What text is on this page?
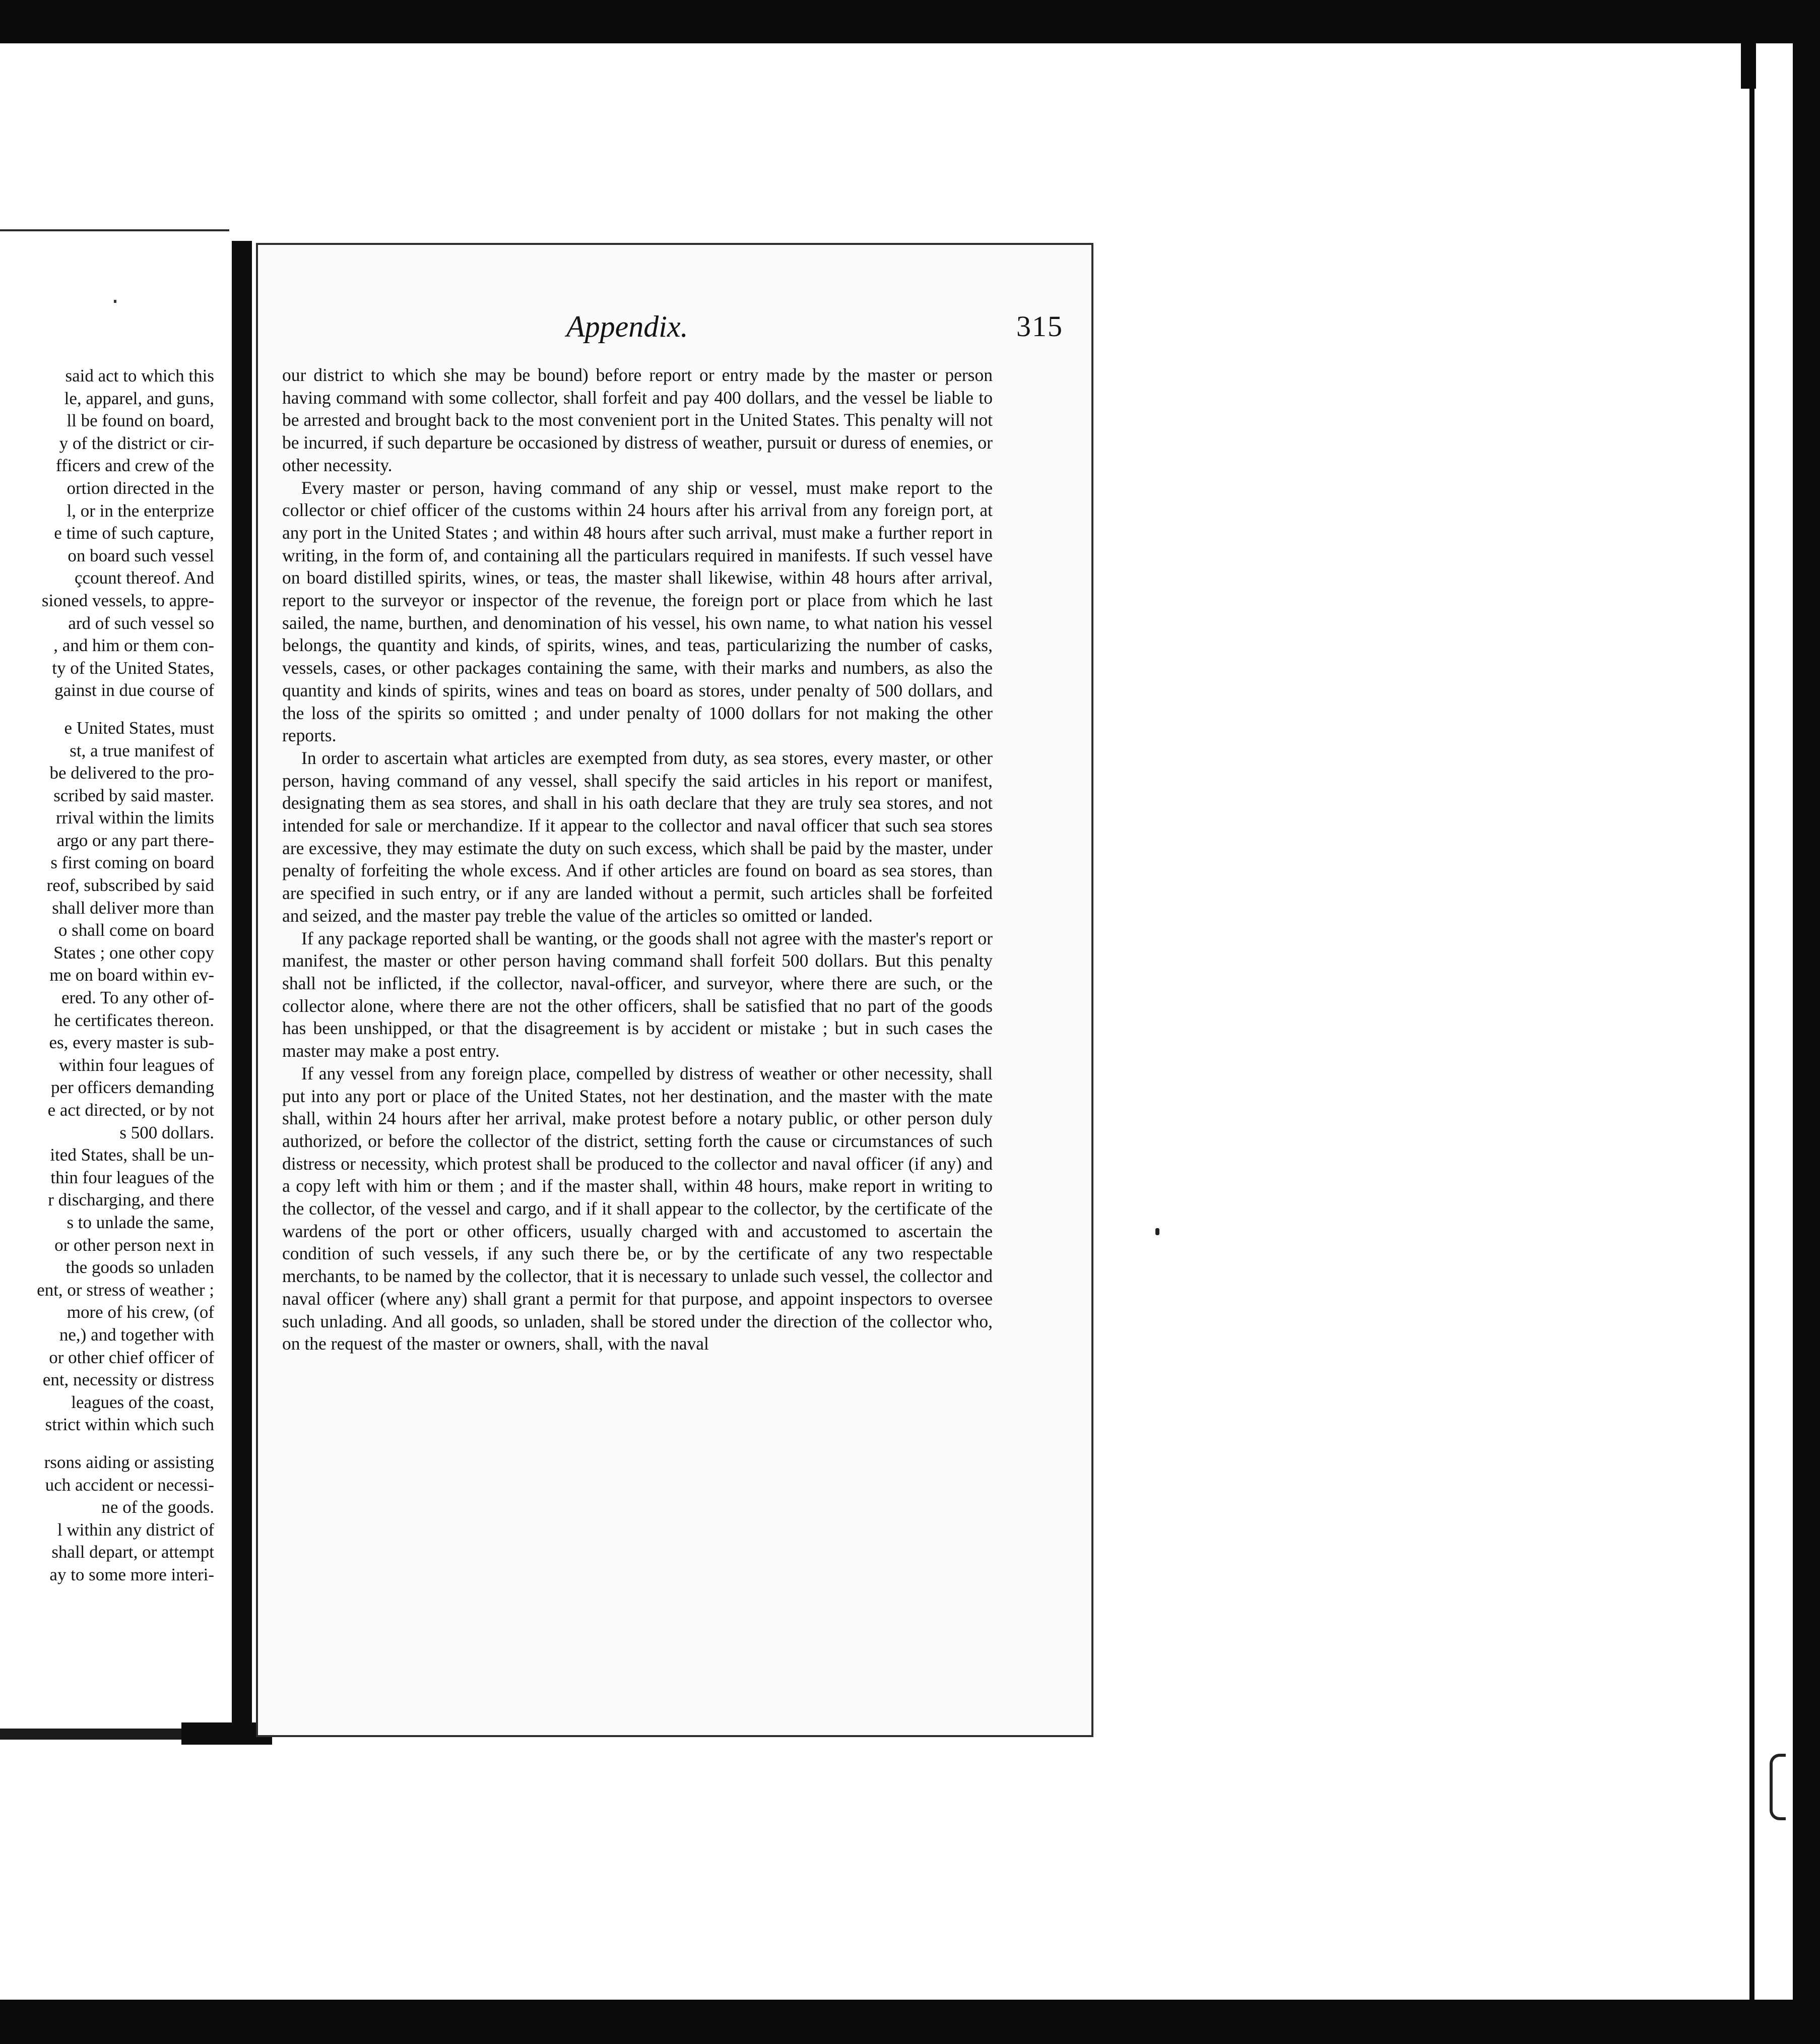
said act to which this
le, apparel, and guns,
ll be found on board,
y of the district or cir-
fficers and crew of the
ortion directed in the
l, or in the enterprize
e time of such capture,
on board such vessel
çcount thereof. And
sioned vessels, to appre-
ard of such vessel so
, and him or them con-
ty of the United States,
gainst in due course of
e United States, must
st, a true manifest of
be delivered to the pro-
scribed by said master.
rrival within the limits
argo or any part there-
s first coming on board
reof, subscribed by said
shall deliver more than
o shall come on board
States ; one other copy
me on board within ev-
ered. To any other of-
he certificates thereon.
es, every master is sub-
within four leagues of
per officers demanding
e act directed, or by not
s 500 dollars.
ited States, shall be un-
thin four leagues of the
r discharging, and there
s to unlade the same,
or other person next in
the goods so unladen
ent, or stress of weather ;
more of his crew, (of
ne,) and together with
or other chief officer of
ent, necessity or distress
leagues of the coast,
strict within which such
rsons aiding or assisting
uch accident or necessi-
ne of the goods.
l within any district of
shall depart, or attempt
ay to some more interi-
Appendix.	315

our district to which she may be bound) before report or entry made by the master or person having command with some collector, shall forfeit and pay 400 dollars, and the vessel be liable to be arrested and brought back to the most convenient port in the United States. This penalty will not be incurred, if such departure be occasioned by distress of weather, pursuit or duress of enemies, or other necessity.

Every master or person, having command of any ship or vessel, must make report to the collector or chief officer of the customs within 24 hours after his arrival from any foreign port, at any port in the United States ; and within 48 hours after such arrival, must make a further report in writing, in the form of, and containing all the particulars required in manifests. If such vessel have on board distilled spirits, wines, or teas, the master shall likewise, within 48 hours after arrival, report to the surveyor or inspector of the revenue, the foreign port or place from which he last sailed, the name, burthen, and denomination of his vessel, his own name, to what nation his vessel belongs, the quantity and kinds, of spirits, wines, and teas, particularizing the number of casks, vessels, cases, or other packages containing the same, with their marks and numbers, as also the quantity and kinds of spirits, wines and teas on board as stores, under penalty of 500 dollars, and the loss of the spirits so omitted ; and under penalty of 1000 dollars for not making the other reports.

In order to ascertain what articles are exempted from duty, as sea stores, every master, or other person, having command of any vessel, shall specify the said articles in his report or manifest, designating them as sea stores, and shall in his oath declare that they are truly sea stores, and not intended for sale or merchandize. If it appear to the collector and naval officer that such sea stores are excessive, they may estimate the duty on such excess, which shall be paid by the master, under penalty of forfeiting the whole excess. And if other articles are found on board as sea stores, than are specified in such entry, or if any are landed without a permit, such articles shall be forfeited and seized, and the master pay treble the value of the articles so omitted or landed.

If any package reported shall be wanting, or the goods shall not agree with the master's report or manifest, the master or other person having command shall forfeit 500 dollars. But this penalty shall not be inflicted, if the collector, naval-officer, and surveyor, where there are such, or the collector alone, where there are not the other officers, shall be satisfied that no part of the goods has been unshipped, or that the disagreement is by accident or mistake ; but in such cases the master may make a post entry.

If any vessel from any foreign place, compelled by distress of weather or other necessity, shall put into any port or place of the United States, not her destination, and the master with the mate shall, within 24 hours after her arrival, make protest before a notary public, or other person duly authorized, or before the collector of the district, setting forth the cause or circumstances of such distress or necessity, which protest shall be produced to the collector and naval officer (if any) and a copy left with him or them ; and if the master shall, within 48 hours, make report in writing to the collector, of the vessel and cargo, and if it shall appear to the collector, by the certificate of the wardens of the port or other officers, usually charged with and accustomed to ascertain the condition of such vessels, if any such there be, or by the certificate of any two respectable merchants, to be named by the collector, that it is necessary to unlade such vessel, the collector and naval officer (where any) shall grant a permit for that purpose, and appoint inspectors to oversee such unlading. And all goods, so unladen, shall be stored under the direction of the collector who, on the request of the master or owners, shall, with the naval
